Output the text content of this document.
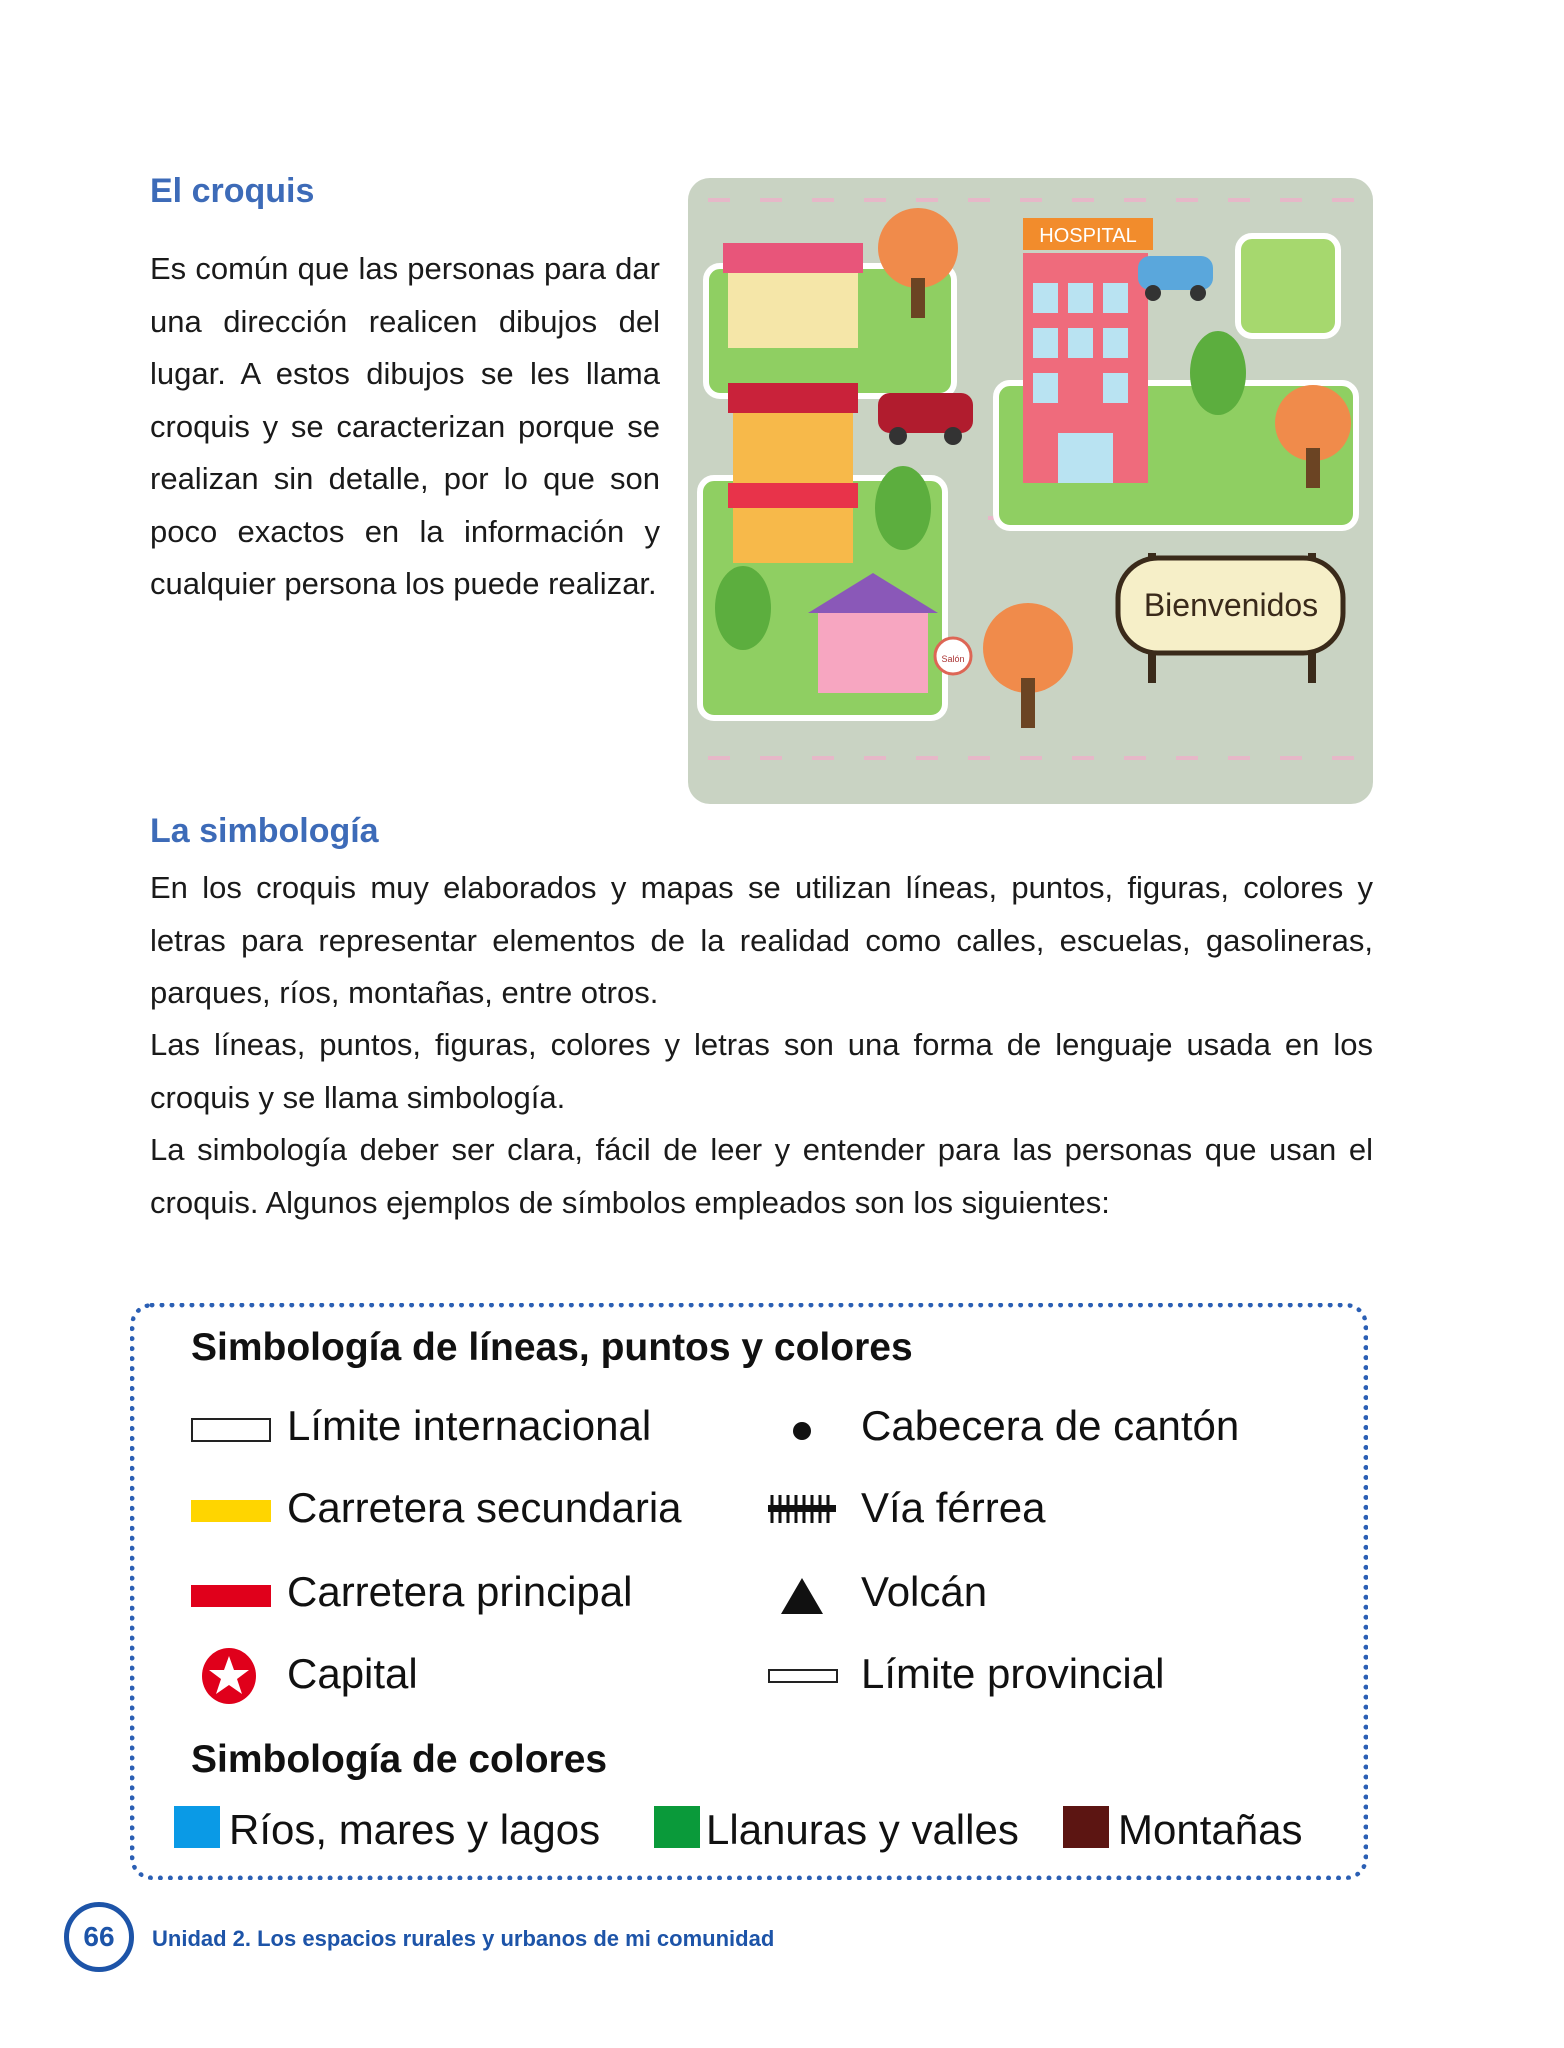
El croquis
Es común que las personas para dar una dirección realicen dibujos del lugar. A estos dibujos se les llama croquis y se caracterizan porque se realizan sin detalle, por lo que son poco exactos en la información y cualquier persona los puede realizar.
HOSPITAL
Bienvenidos
Salón
La simbología
En los croquis muy elaborados y mapas se utilizan líneas, puntos, figuras, colores y letras para representar elementos de la realidad como calles, escuelas, gasolineras, parques, ríos, montañas, entre otros.
Las líneas, puntos, figuras, colores y letras son una forma de lenguaje usada en los croquis y se llama simbología.
La simbología deber ser clara, fácil de leer y entender para las personas que usan el croquis. Algunos ejemplos de símbolos empleados son los siguientes:
Simbología de líneas, puntos y colores
Límite internacional	Cabecera de cantón
Carretera secundaria	Vía férrea
Carretera principal	Volcán
Capital	Límite provincial
Simbología de colores
Ríos, mares y lagos	Llanuras y valles Montañas
66 Unidad 2. Los espacios rurales y urbanos de mi comunidad
